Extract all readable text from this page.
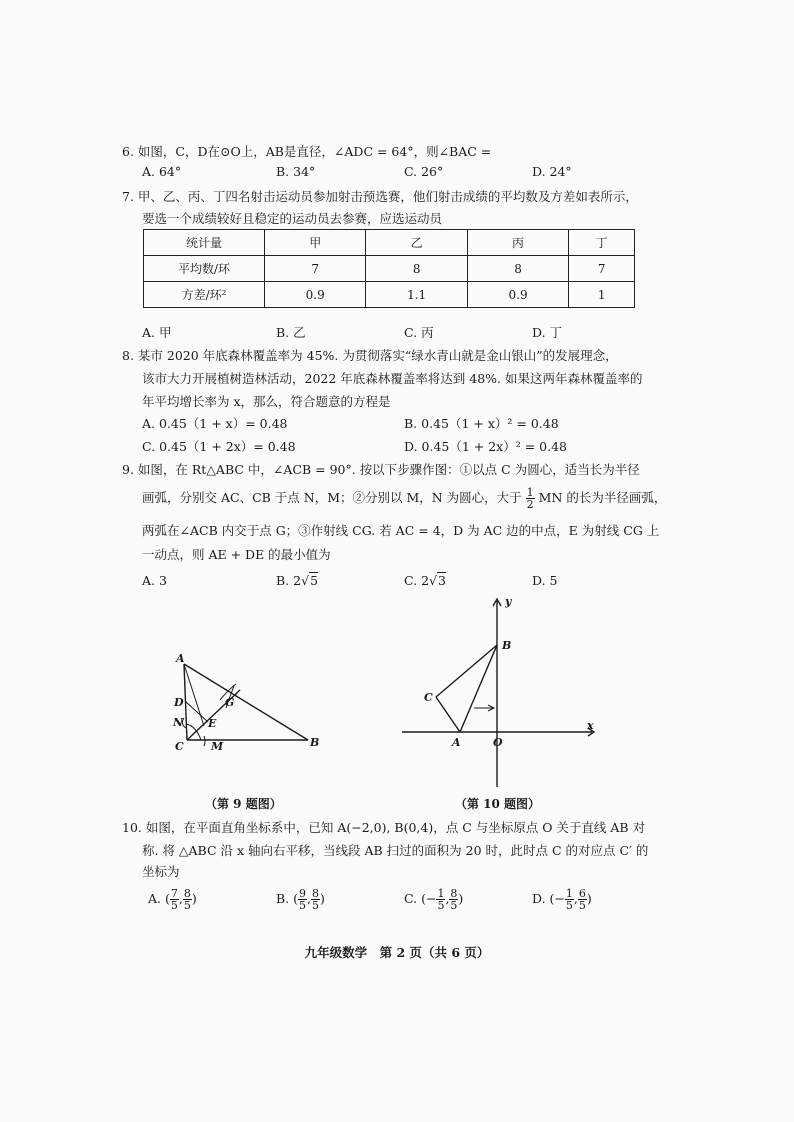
6. 如图，C，D在⊙O上，AB是直径，∠ADC = 64°，则∠BAC =
A. 64°	B. 34°	C. 26°	D. 24°
7. 甲、乙、丙、丁四名射击运动员参加射击预选赛，他们射击成绩的平均数及方差如表所示，
要选一个成绩较好且稳定的运动员去参赛，应选运动员
统计量	甲	乙	丙	丁
平均数/环	7	8	8	7
方差/环²	0.9	1.1	0.9	1
A. 甲	B. 乙	C. 丙	D. 丁
8. 某市 2020 年底森林覆盖率为 45%. 为贯彻落实“绿水青山就是金山银山”的发展理念，
该市大力开展植树造林活动，2022 年底森林覆盖率将达到 48%. 如果这两年森林覆盖率的
年平均增长率为 x，那么，符合题意的方程是
A. 0.45（1 + x）= 0.48	B. 0.45（1 + x）² = 0.48
C. 0.45（1 + 2x）= 0.48	D. 0.45（1 + 2x）² = 0.48
9. 如图，在 Rt△ABC 中，∠ACB = 90°. 按以下步骤作图：①以点 C 为圆心，适当长为半径
画弧，分别交 AC、CB 于点 N，M；②分别以 M，N 为圆心，大于 $\frac{1}{2}$ MN 的长为半径画弧，
两弧在∠ACB 内交于点 G；③作射线 CG. 若 AC = 4，D 为 AC 边的中点，E 为射线 CG 上
一动点，则 AE + DE 的最小值为
A. 3	B. 2√5	C. 2√3	D. 5
A
B
C
D
E
G
M
N
（第 9 题图）
y
x
B
C
A	O
（第 10 题图）
10. 如图，在平面直角坐标系中，已知 A(−2,0), B(0,4)，点 C 与坐标原点 O 关于直线 AB 对
称. 将 △ABC 沿 x 轴向右平移，当线段 AB 扫过的面积为 20 时，此时点 C 的对应点 C′ 的
坐标为
A. ( $\frac{7}{5}$ , $\frac{8}{5}$ )	B. ( $\frac{9}{5}$ , $\frac{8}{5}$ )	C. (− $\frac{1}{5}$ , $\frac{8}{5}$ )	D. (− $\frac{1}{5}$ , $\frac{6}{5}$ )
九年级数学　第 2 页（共 6 页）
